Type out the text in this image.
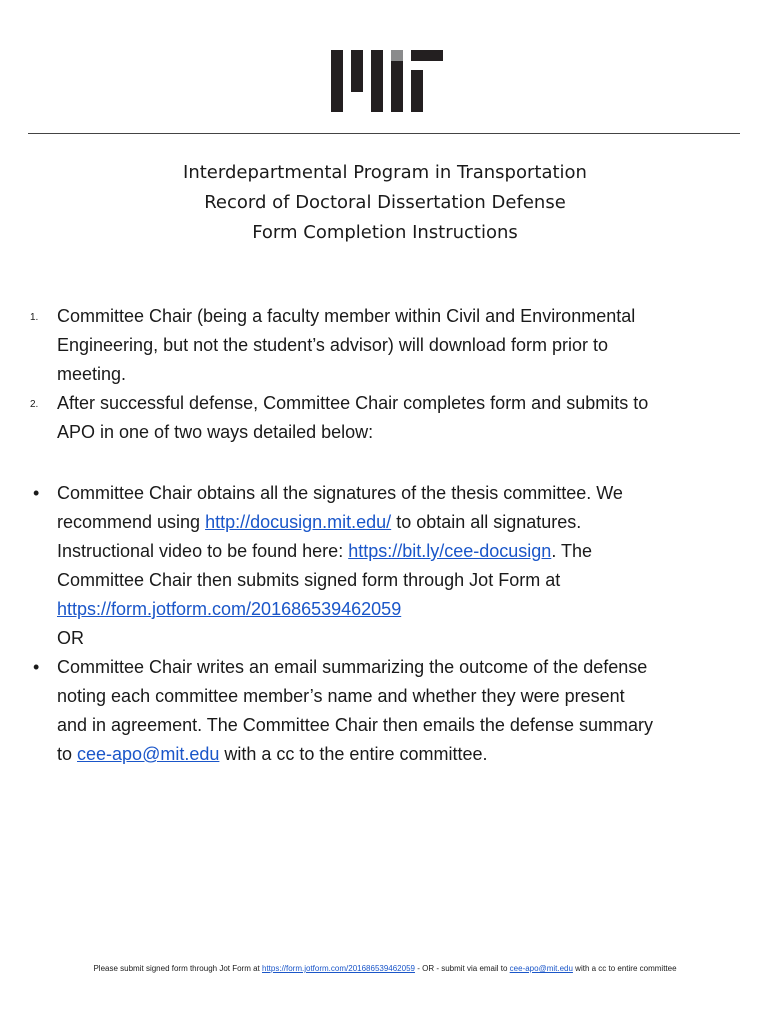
Interdepartmental Program in Transportation
Record of Doctoral Dissertation Defense
Form Completion Instructions
1. Committee Chair (being a faculty member within Civil and Environmental
Engineering, but not the student’s advisor) will download form prior to
meeting.
2. After successful defense, Committee Chair completes form and submits to
APO in one of two ways detailed below:
• Committee Chair obtains all the signatures of the thesis committee. We
recommend using http://docusign.mit.edu/ to obtain all signatures.
Instructional video to be found here: https://bit.ly/cee-docusign. The
Committee Chair then submits signed form through Jot Form at
https://form.jotform.com/201686539462059
OR
• Committee Chair writes an email summarizing the outcome of the defense
noting each committee member’s name and whether they were present
and in agreement. The Committee Chair then emails the defense summary
to cee-apo@mit.edu with a cc to the entire committee.
Please submit signed form through Jot Form at https://form.jotform.com/201686539462059 - OR - submit via email to cee-apo@mit.edu with a cc to entire committee
